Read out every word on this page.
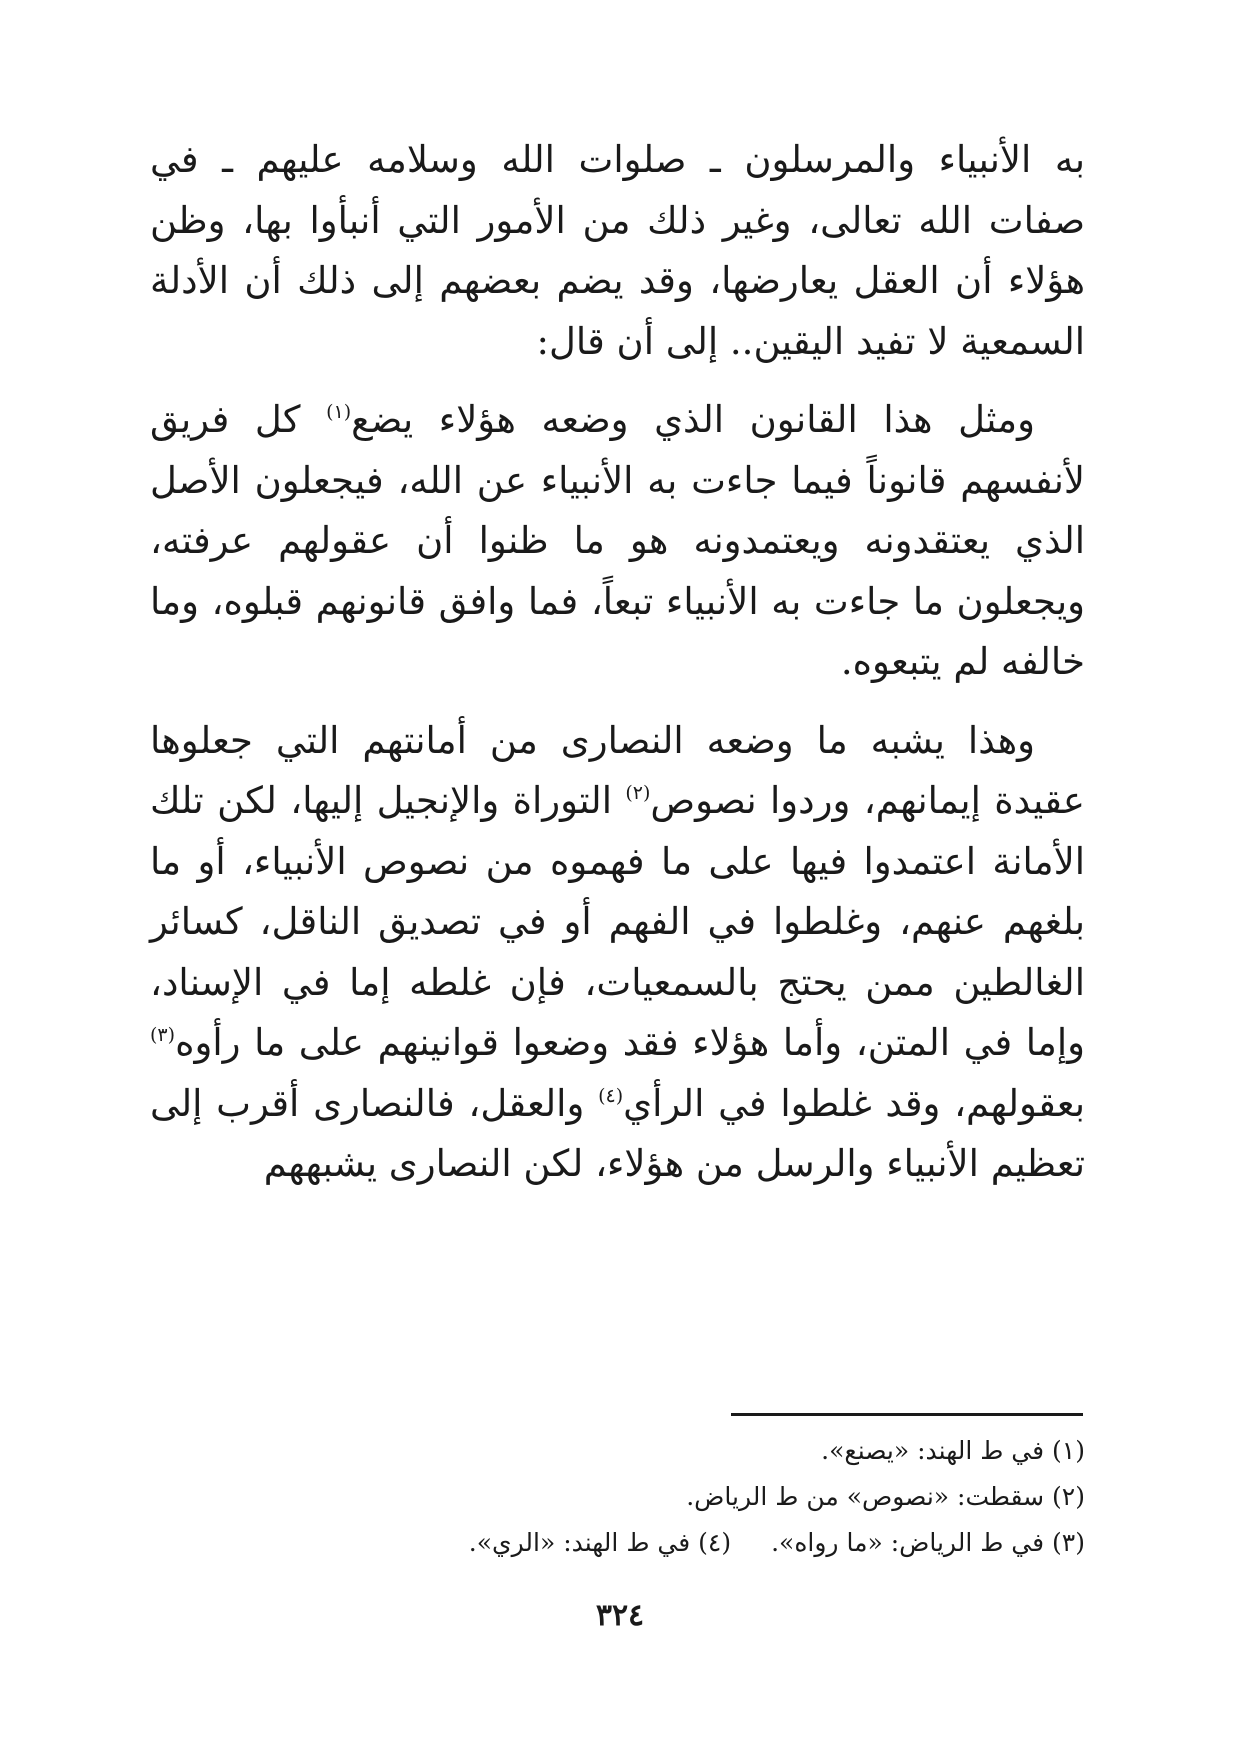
به الأنبياء والمرسلون ـ صلوات الله وسلامه عليهم ـ في صفات الله تعالى، وغير ذلك من الأمور التي أنبأوا بها، وظن هؤلاء أن العقل يعارضها، وقد يضم بعضهم إلى ذلك أن الأدلة السمعية لا تفيد اليقين.. إلى أن قال:

ومثل هذا القانون الذي وضعه هؤلاء يضع$^{(١)}$ كل فريق لأنفسهم قانوناً فيما جاءت به الأنبياء عن الله، فيجعلون الأصل الذي يعتقدونه ويعتمدونه هو ما ظنوا أن عقولهم عرفته، ويجعلون ما جاءت به الأنبياء تبعاً، فما وافق قانونهم قبلوه، وما خالفه لم يتبعوه.

وهذا يشبه ما وضعه النصارى من أمانتهم التي جعلوها عقيدة إيمانهم، وردوا نصوص$^{(٢)}$ التوراة والإنجيل إليها، لكن تلك الأمانة اعتمدوا فيها على ما فهموه من نصوص الأنبياء، أو ما بلغهم عنهم، وغلطوا في الفهم أو في تصديق الناقل، كسائر الغالطين ممن يحتج بالسمعيات، فإن غلطه إما في الإسناد، وإما في المتن، وأما هؤلاء فقد وضعوا قوانينهم على ما رأوه$^{(٣)}$ بعقولهم، وقد غلطوا في الرأي$^{(٤)}$ والعقل، فالنصارى أقرب إلى تعظيم الأنبياء والرسل من هؤلاء، لكن النصارى يشبههم

(١) في ط الهند: «يصنع».
(٢) سقطت: «نصوص» من ط الرياض.
(٣) في ط الرياض: «ما رواه».(٤) في ط الهند: «الري».
٣٢٤
